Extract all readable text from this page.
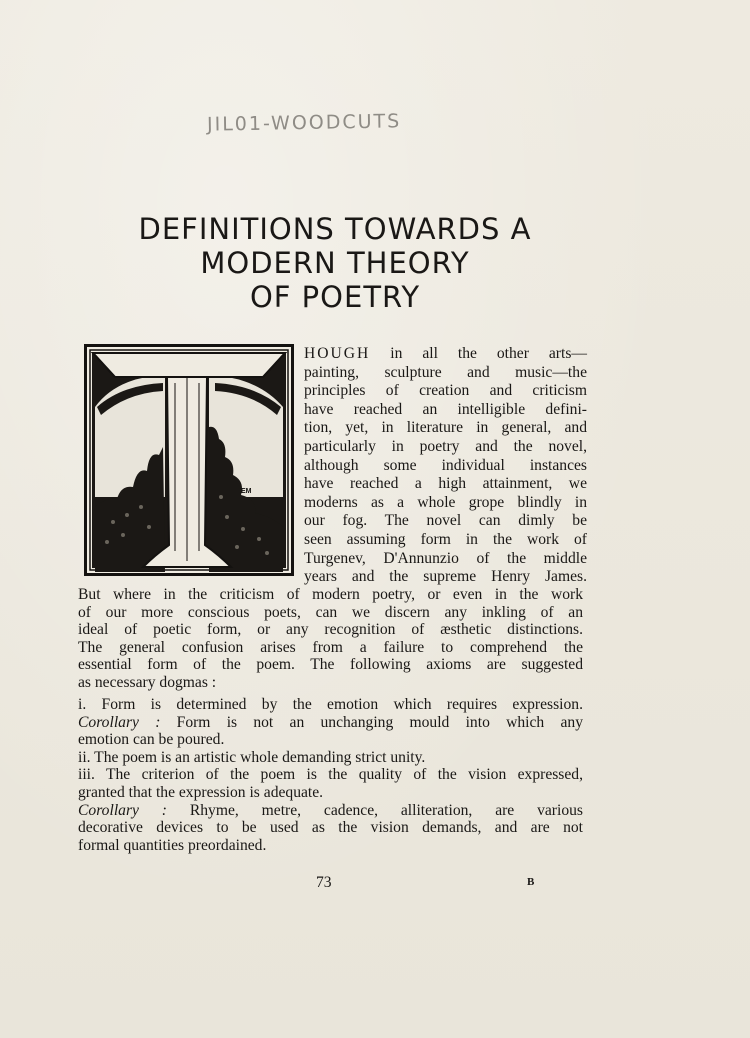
JIL01-WOODCUTS
DEFINITIONS TOWARDS A
MODERN THEORY
OF POETRY
EM
HOUGH in all the other arts—
painting, sculpture and music—the
principles of creation and criticism
have reached an intelligible defini-
tion, yet, in literature in general, and
particularly in poetry and the novel,
although some individual instances
have reached a high attainment, we
moderns as a whole grope blindly in
our fog. The novel can dimly be
seen assuming form in the work of
Turgenev, D'Annunzio of the middle
years and the supreme Henry James.
But where in the criticism of modern poetry, or even in the work
of our more conscious poets, can we discern any inkling of an
ideal of poetic form, or any recognition of æsthetic distinctions.
The general confusion arises from a failure to comprehend the
essential form of the poem. The following axioms are suggested
as necessary dogmas :
i. Form is determined by the emotion which requires expression.
Corollary : Form is not an unchanging mould into which any
emotion can be poured.
ii. The poem is an artistic whole demanding strict unity.
iii. The criterion of the poem is the quality of the vision expressed,
granted that the expression is adequate.
Corollary : Rhyme, metre, cadence, alliteration, are various
decorative devices to be used as the vision demands, and are not
formal quantities preordained.
73	B
